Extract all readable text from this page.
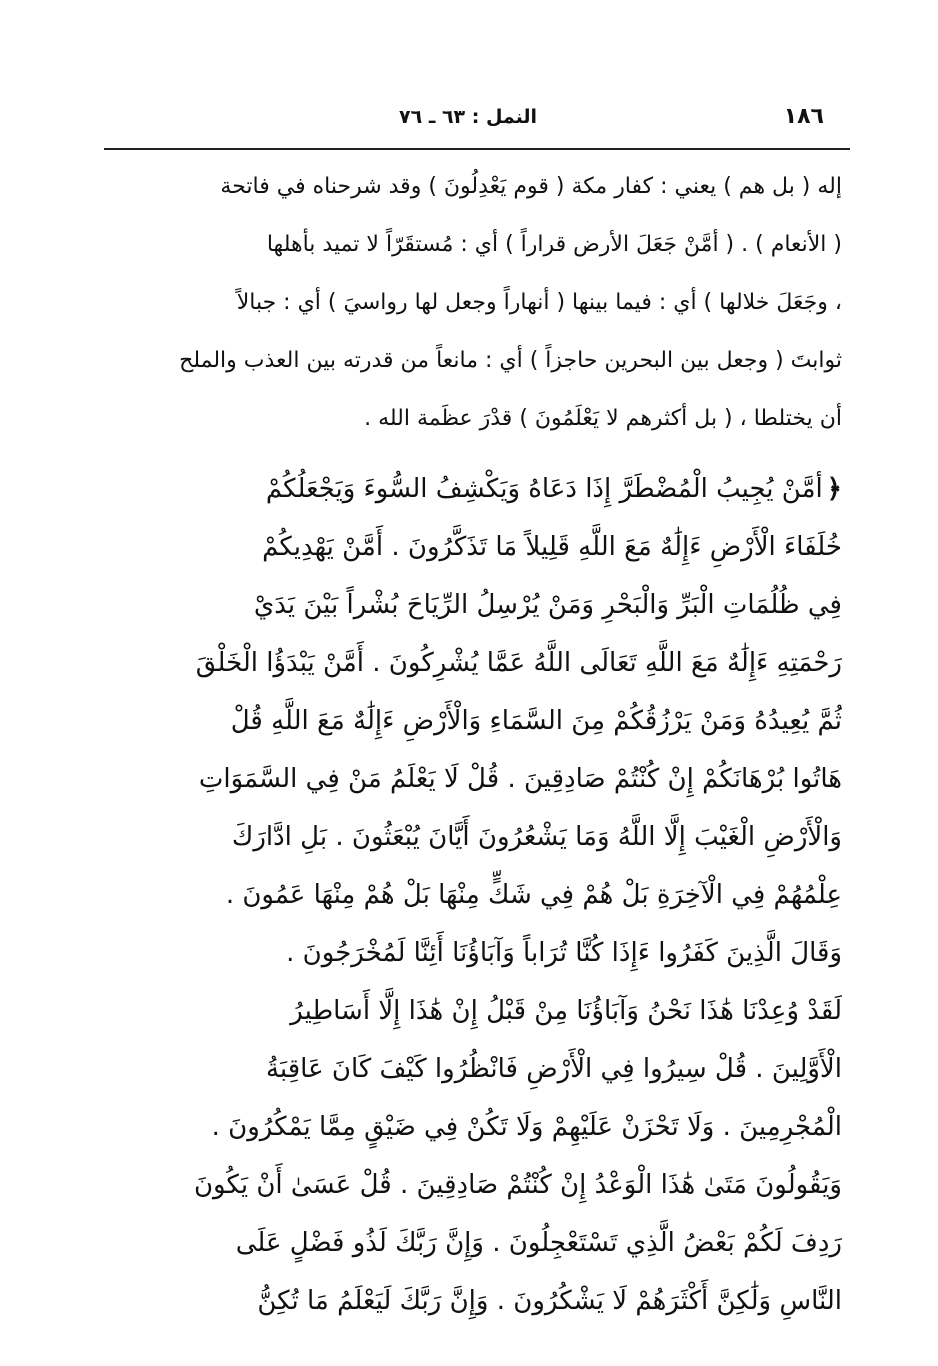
١٨٦
النمل : ٦٣ ـ ٧٦
إله ( بل هم ) يعني : كفار مكة ( قوم يَعْدِلُونَ ) وقد شرحناه في فاتحة
( الأنعام ) . ( أمَّنْ جَعَلَ الأرض قراراً ) أي : مُستقَرّاً لا تميد بأهلها
، وجَعَلَ خلالها ) أي : فيما بينها ( أنهاراً وجعل لها رواسيَ ) أي : جبالاً
ثوابتَ ( وجعل بين البحرين حاجزاً ) أي : مانعاً من قدرته بين العذب والملح
أن يختلطا ، ( بل أكثرهم لا يَعْلَمُونَ ) قدْرَ عظَمة الله .
﴿أمَّنْ يُجِيبُ الْمُضْطَرَّ إِذَا دَعَاهُ وَيَكْشِفُ السُّوءَ وَيَجْعَلُكُمْ
خُلَفَاءَ الْأَرْضِ ءَإِلَٰهٌ مَعَ اللَّهِ قَلِيلاً مَا تَذَكَّرُونَ . أَمَّنْ يَهْدِيكُمْ
فِي ظُلُمَاتِ الْبَرِّ وَالْبَحْرِ وَمَنْ يُرْسِلُ الرِّيَاحَ بُشْراً بَيْنَ يَدَيْ
رَحْمَتِهِ ءَإِلَٰهٌ مَعَ اللَّهِ تَعَالَى اللَّهُ عَمَّا يُشْرِكُونَ . أَمَّنْ يَبْدَؤُا الْخَلْقَ
ثُمَّ يُعِيدُهُ وَمَنْ يَرْزُقُكُمْ مِنَ السَّمَاءِ وَالْأَرْضِ ءَإِلَٰهٌ مَعَ اللَّهِ قُلْ
هَاتُوا بُرْهَانَكُمْ إِنْ كُنْتُمْ صَادِقِينَ . قُلْ لَا يَعْلَمُ مَنْ فِي السَّمَوَاتِ
وَالْأَرْضِ الْغَيْبَ إِلَّا اللَّهُ وَمَا يَشْعُرُونَ أَيَّانَ يُبْعَثُونَ . بَلِ ادَّارَكَ
عِلْمُهُمْ فِي الْآخِرَةِ بَلْ هُمْ فِي شَكٍّ مِنْهَا بَلْ هُمْ مِنْهَا عَمُونَ .
وَقَالَ الَّذِينَ كَفَرُوا ءَإِذَا كُنَّا تُرَاباً وَآبَاؤُنَا أَئِنَّا لَمُخْرَجُونَ .
لَقَدْ وُعِدْنَا هَٰذَا نَحْنُ وَآبَاؤُنَا مِنْ قَبْلُ إِنْ هَٰذَا إِلَّا أَسَاطِيرُ
الْأَوَّلِينَ . قُلْ سِيرُوا فِي الْأَرْضِ فَانْظُرُوا كَيْفَ كَانَ عَاقِبَةُ
الْمُجْرِمِينَ . وَلَا تَحْزَنْ عَلَيْهِمْ وَلَا تَكُنْ فِي ضَيْقٍ مِمَّا يَمْكُرُونَ .
وَيَقُولُونَ مَتَىٰ هَٰذَا الْوَعْدُ إِنْ كُنْتُمْ صَادِقِينَ . قُلْ عَسَىٰ أَنْ يَكُونَ
رَدِفَ لَكُمْ بَعْضُ الَّذِي تَسْتَعْجِلُونَ . وَإِنَّ رَبَّكَ لَذُو فَضْلٍ عَلَى
النَّاسِ وَلَٰكِنَّ أَكْثَرَهُمْ لَا يَشْكُرُونَ . وَإِنَّ رَبَّكَ لَيَعْلَمُ مَا تُكِنُّ
